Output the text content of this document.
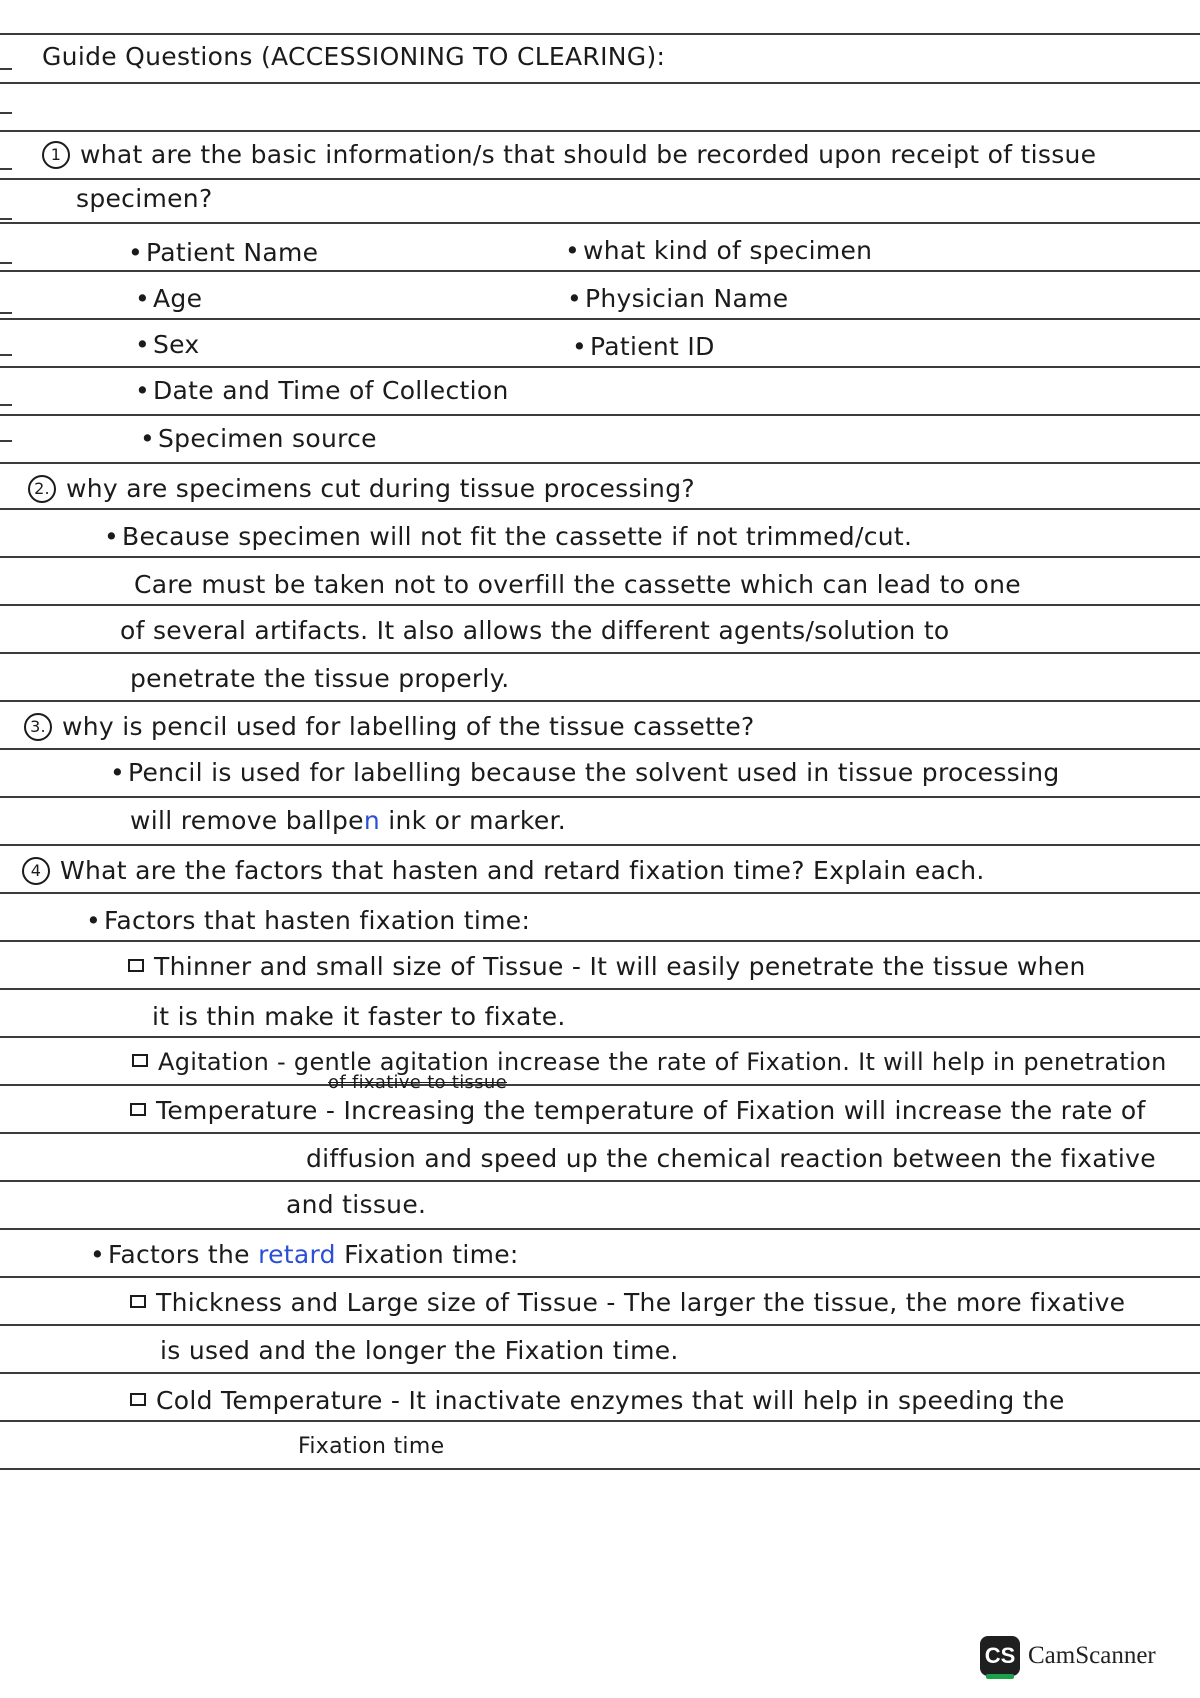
Guide Questions (ACCESSIONING TO CLEARING):
1 what are the basic information/s that should be recorded upon receipt of tissue
specimen?
• Patient Name
• Age
• Sex
• Date and Time of Collection
• Specimen source
• what kind of specimen
• Physician Name
• Patient ID
2. why are specimens cut during tissue processing?
• Because specimen will not fit the cassette if not trimmed/cut.
Care must be taken not to overfill the cassette which can lead to one
of several artifacts. It also allows the different agents/solution to
penetrate the tissue properly.
3. why is pencil used for labelling of the tissue cassette?
• Pencil is used for labelling because the solvent used in tissue processing
will remove ballpen ink or marker.
4 What are the factors that hasten and retard fixation time? Explain each.
• Factors that hasten fixation time:
Thinner and small size of Tissue - It will easily penetrate the tissue when
it is thin make it faster to fixate.
Agitation - gentle agitation increase the rate of Fixation. It will help in penetration
of fixative to tissue
Temperature - Increasing the temperature of Fixation will increase the rate of
diffusion and speed up the chemical reaction between the fixative
and tissue.
• Factors the retard Fixation time:
Thickness and Large size of Tissue - The larger the tissue, the more fixative
is used and the longer the Fixation time.
Cold Temperature - It inactivate enzymes that will help in speeding the
Fixation time
CS CamScanner
